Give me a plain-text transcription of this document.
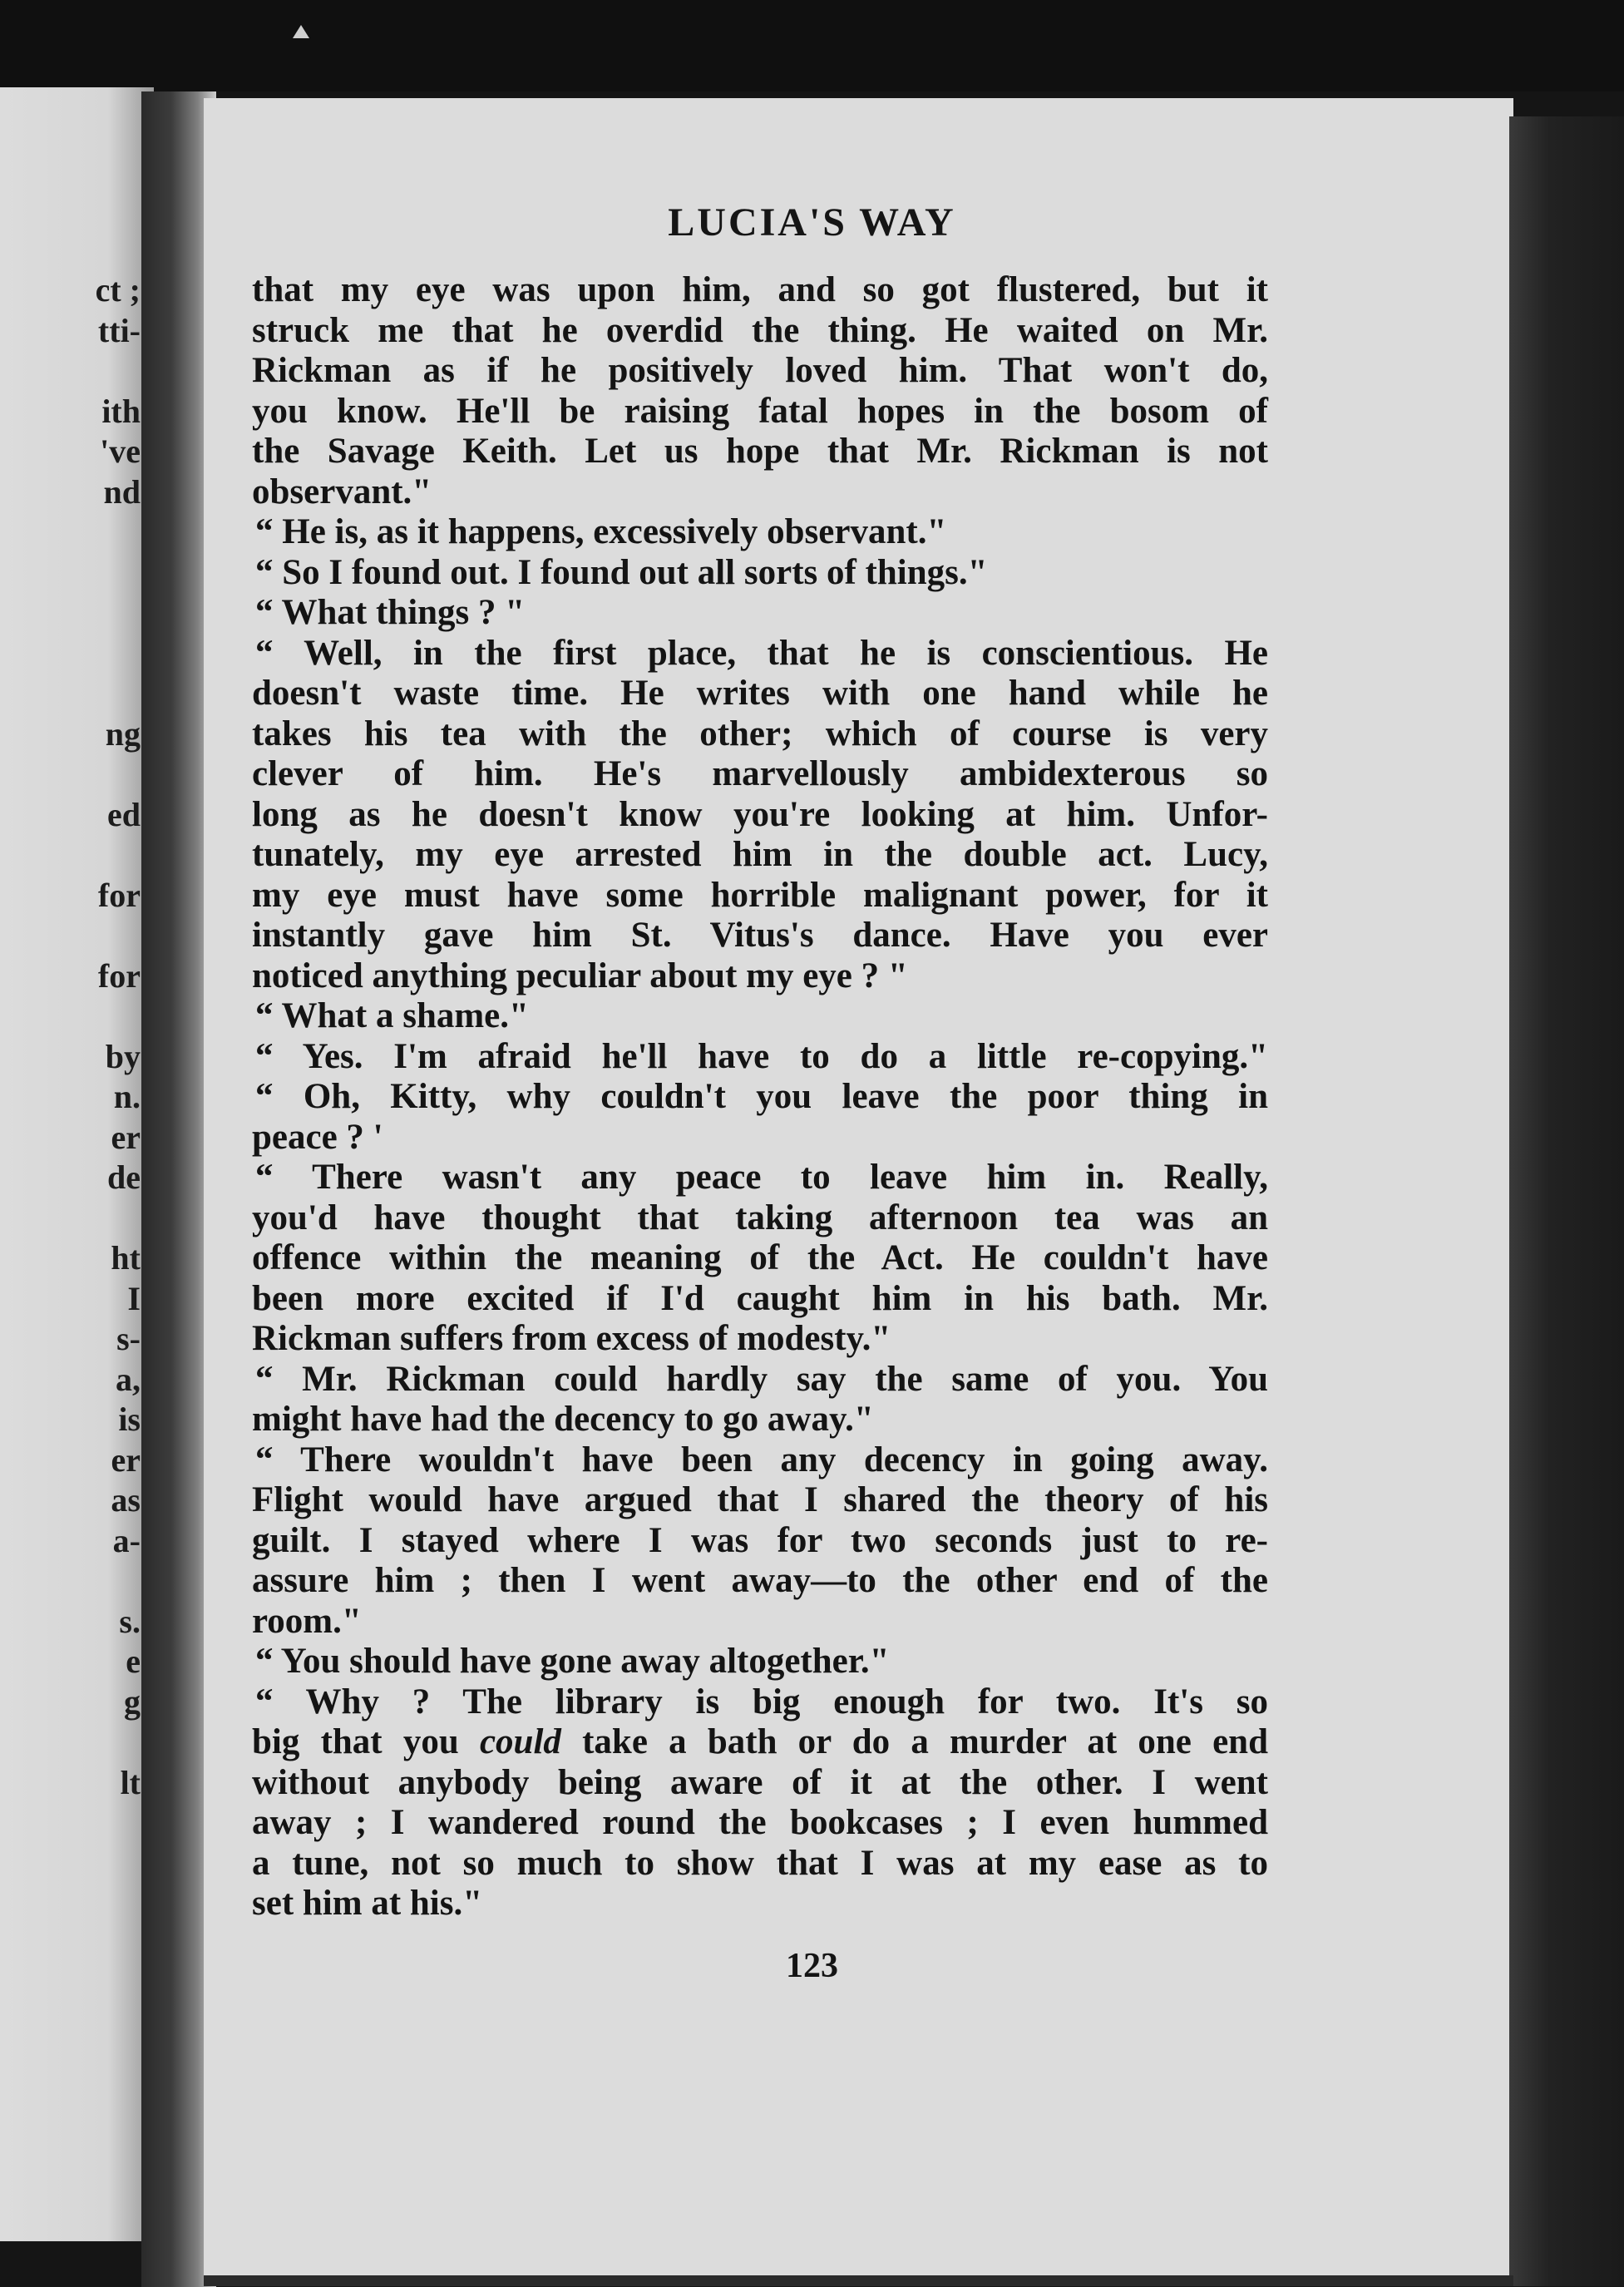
ct ;

tti-

ith

've

nd

ng

ed

for

for

by

n.

er

de

ht

I

s-

a,

is

er

as

a-

s.

e

g

lt

LUCIA'S WAY

that my eye was upon him, and so got flustered, but it

struck me that he overdid the thing. He waited on Mr.

Rickman as if he positively loved him. That won't do,

you know. He'll be raising fatal hopes in the bosom of

the Savage Keith. Let us hope that Mr. Rickman is not

observant."

“ He is, as it happens, excessively observant."

“ So I found out. I found out all sorts of things."

“ What things ? "

“ Well, in the first place, that he is conscientious. He

doesn't waste time. He writes with one hand while he

takes his tea with the other; which of course is very

clever of him. He's marvellously ambidexterous so

long as he doesn't know you're looking at him. Unfor-

tunately, my eye arrested him in the double act. Lucy,

my eye must have some horrible malignant power, for it

instantly gave him St. Vitus's dance. Have you ever

noticed anything peculiar about my eye ? "

“ What a shame."

“ Yes. I'm afraid he'll have to do a little re-copying."

“ Oh, Kitty, why couldn't you leave the poor thing in

peace ? '

“ There wasn't any peace to leave him in. Really,

you'd have thought that taking afternoon tea was an

offence within the meaning of the Act. He couldn't have

been more excited if I'd caught him in his bath. Mr.

Rickman suffers from excess of modesty."

“ Mr. Rickman could hardly say the same of you. You

might have had the decency to go away."

“ There wouldn't have been any decency in going away.

Flight would have argued that I shared the theory of his

guilt. I stayed where I was for two seconds just to re-

assure him ; then I went away—to the other end of the

room."

“ You should have gone away altogether."

“ Why ? The library is big enough for two. It's so

big that you could take a bath or do a murder at one end

without anybody being aware of it at the other. I went

away ; I wandered round the bookcases ; I even hummed

a tune, not so much to show that I was at my ease as to

set him at his."

123
